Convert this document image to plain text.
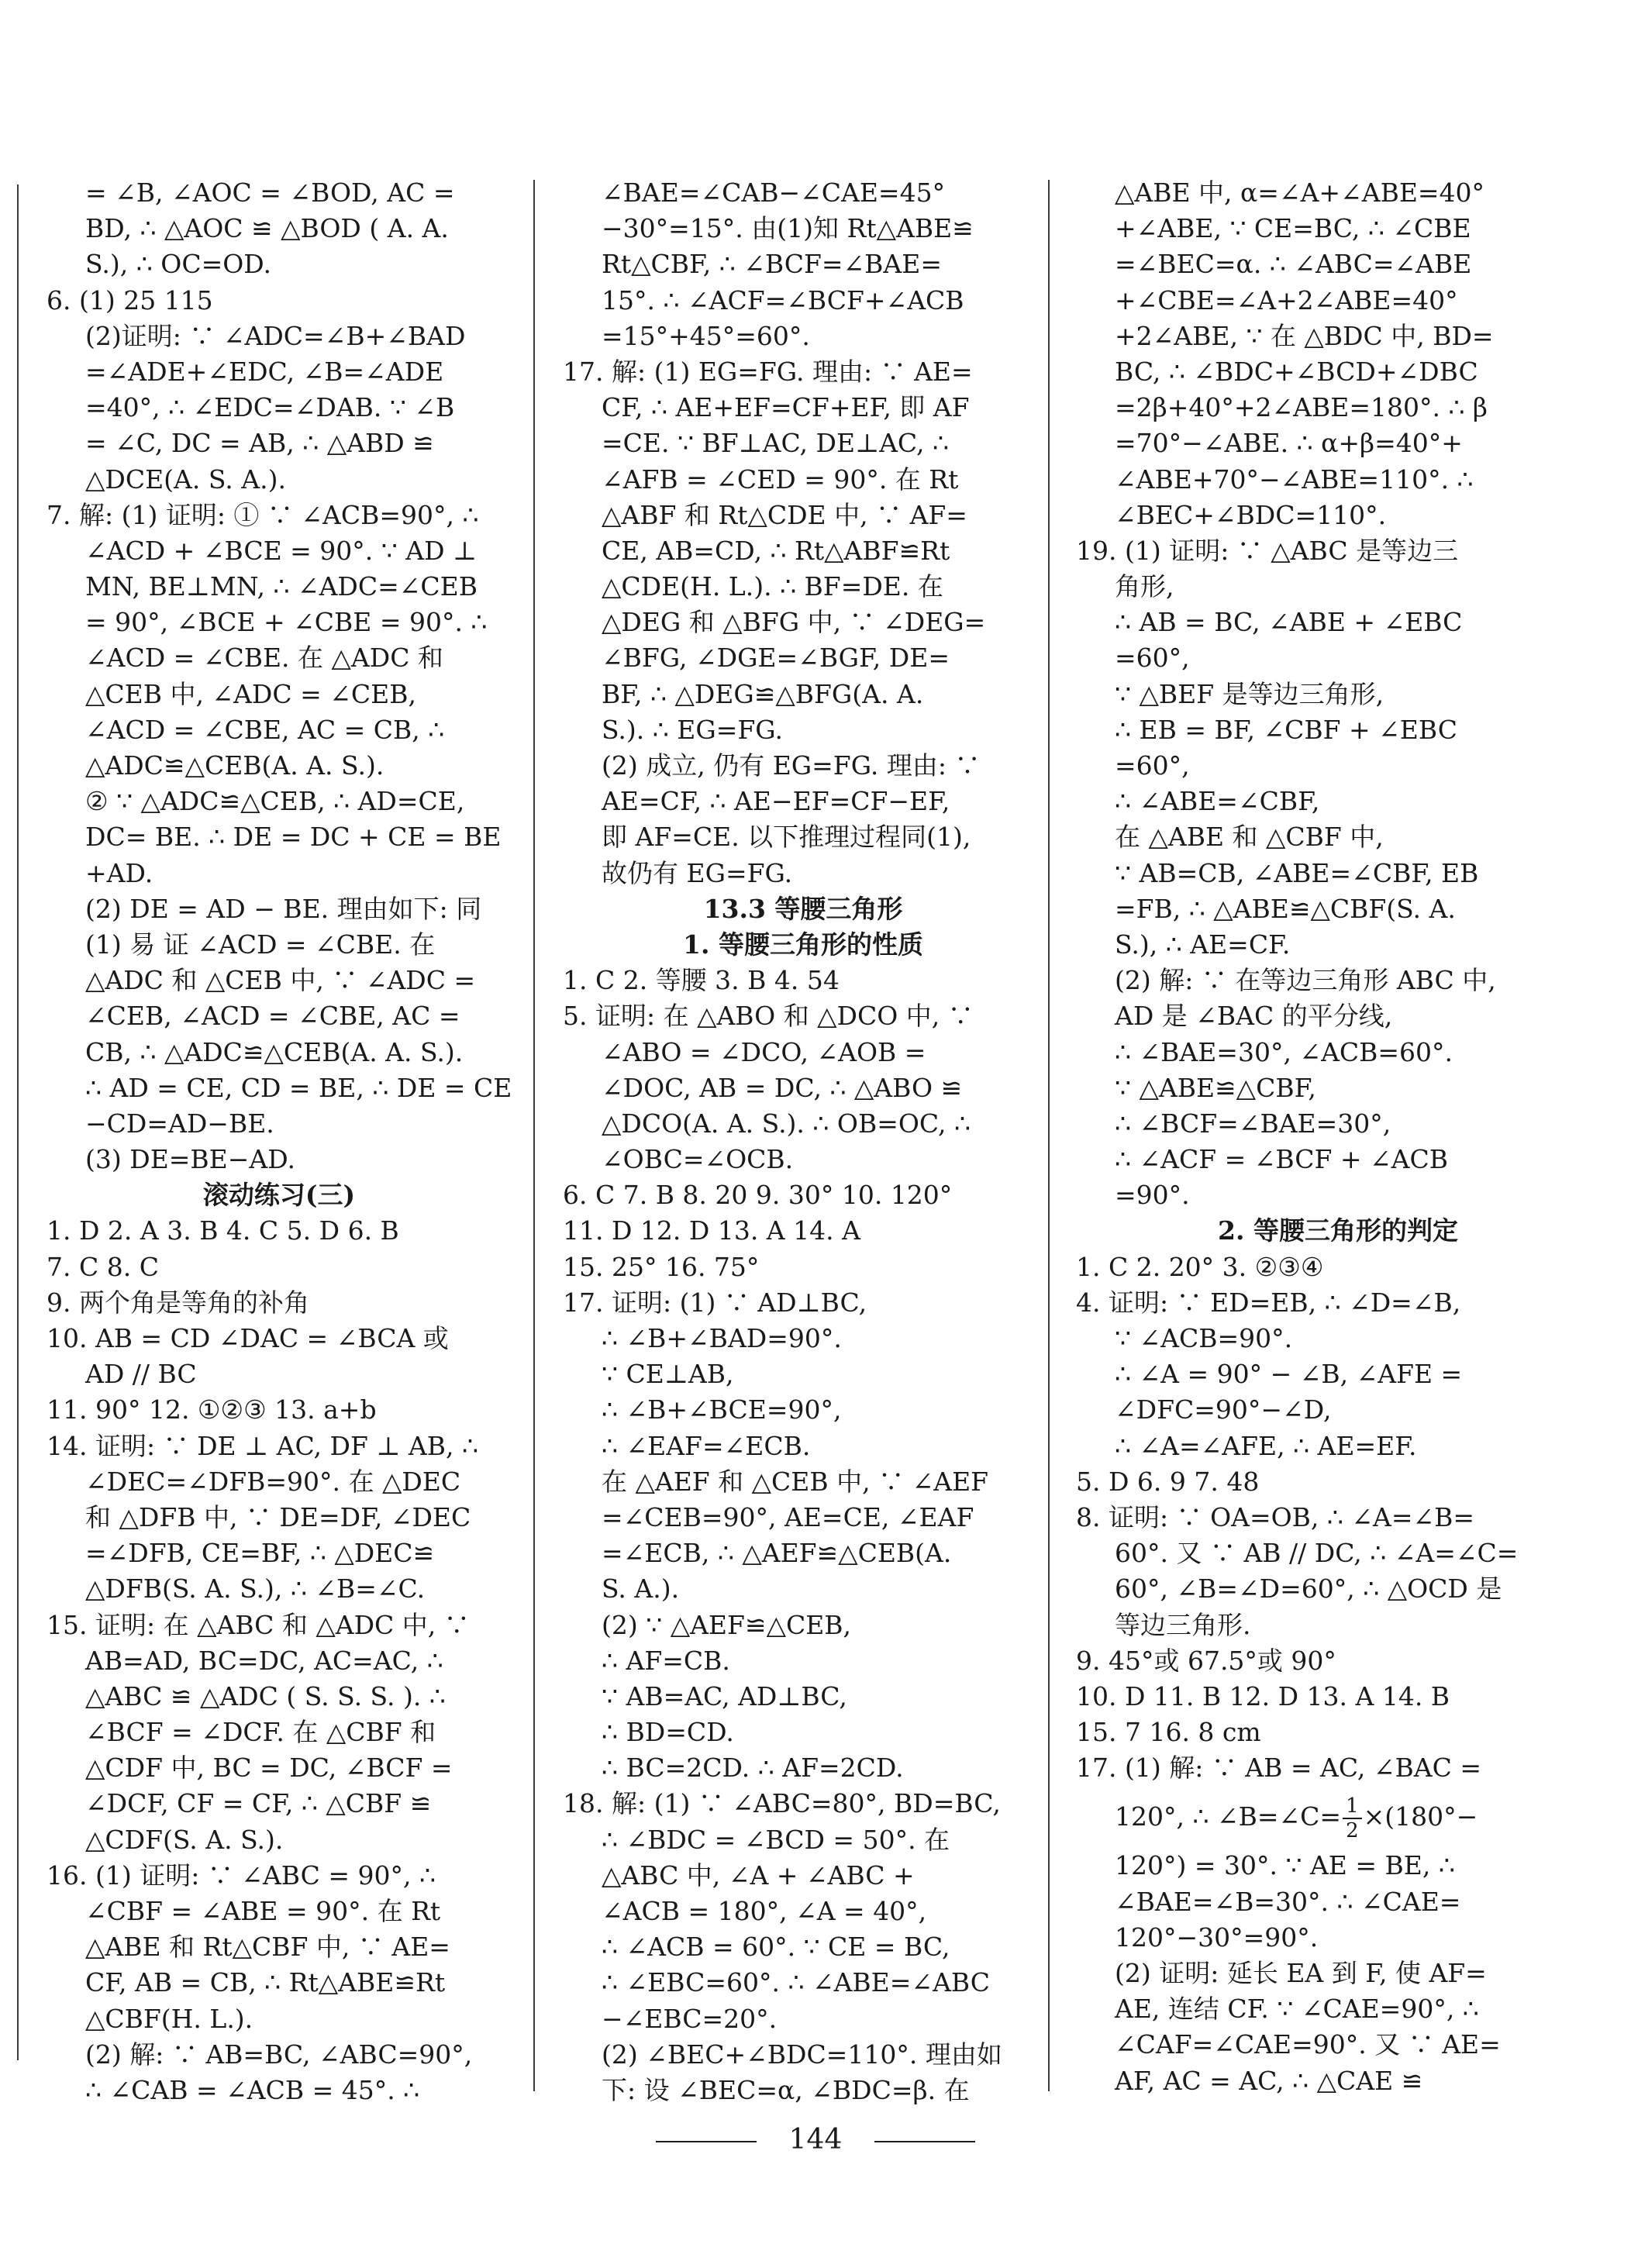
= ∠B, ∠AOC = ∠BOD, AC =
BD, ∴ △AOC ≌ △BOD ( A. A.
S.), ∴ OC=OD.
6. (1) 25 115
(2)证明: ∵ ∠ADC=∠B+∠BAD
=∠ADE+∠EDC, ∠B=∠ADE
=40°, ∴ ∠EDC=∠DAB. ∵ ∠B
= ∠C, DC = AB, ∴ △ABD ≌
△DCE(A. S. A.).
7. 解: (1) 证明: ① ∵ ∠ACB=90°, ∴
∠ACD + ∠BCE = 90°. ∵ AD ⊥
MN, BE⊥MN, ∴ ∠ADC=∠CEB
= 90°, ∠BCE + ∠CBE = 90°. ∴
∠ACD = ∠CBE. 在 △ADC 和
△CEB 中, ∠ADC = ∠CEB,
∠ACD = ∠CBE, AC = CB, ∴
△ADC≌△CEB(A. A. S.).
② ∵ △ADC≌△CEB, ∴ AD=CE,
DC= BE. ∴ DE = DC + CE = BE
+AD.
(2) DE = AD − BE. 理由如下: 同
(1) 易 证 ∠ACD = ∠CBE. 在
△ADC 和 △CEB 中, ∵ ∠ADC =
∠CEB, ∠ACD = ∠CBE, AC =
CB, ∴ △ADC≌△CEB(A. A. S.).
∴ AD = CE, CD = BE, ∴ DE = CE
−CD=AD−BE.
(3) DE=BE−AD.
滚动练习(三)
1. D 2. A 3. B 4. C 5. D 6. B
7. C 8. C
9. 两个角是等角的补角
10. AB = CD ∠DAC = ∠BCA 或
AD // BC
11. 90° 12. ①②③ 13. a+b
14. 证明: ∵ DE ⊥ AC, DF ⊥ AB, ∴
∠DEC=∠DFB=90°. 在 △DEC
和 △DFB 中, ∵ DE=DF, ∠DEC
=∠DFB, CE=BF, ∴ △DEC≌
△DFB(S. A. S.), ∴ ∠B=∠C.
15. 证明: 在 △ABC 和 △ADC 中, ∵
AB=AD, BC=DC, AC=AC, ∴
△ABC ≌ △ADC ( S. S. S. ). ∴
∠BCF = ∠DCF. 在 △CBF 和
△CDF 中, BC = DC, ∠BCF =
∠DCF, CF = CF, ∴ △CBF ≌
△CDF(S. A. S.).
16. (1) 证明: ∵ ∠ABC = 90°, ∴
∠CBF = ∠ABE = 90°. 在 Rt
△ABE 和 Rt△CBF 中, ∵ AE=
CF, AB = CB, ∴ Rt△ABE≌Rt
△CBF(H. L.).
(2) 解: ∵ AB=BC, ∠ABC=90°,
∴ ∠CAB = ∠ACB = 45°. ∴
∠BAE=∠CAB−∠CAE=45°
−30°=15°. 由(1)知 Rt△ABE≌
Rt△CBF, ∴ ∠BCF=∠BAE=
15°. ∴ ∠ACF=∠BCF+∠ACB
=15°+45°=60°.
17. 解: (1) EG=FG. 理由: ∵ AE=
CF, ∴ AE+EF=CF+EF, 即 AF
=CE. ∵ BF⊥AC, DE⊥AC, ∴
∠AFB = ∠CED = 90°. 在 Rt
△ABF 和 Rt△CDE 中, ∵ AF=
CE, AB=CD, ∴ Rt△ABF≌Rt
△CDE(H. L.). ∴ BF=DE. 在
△DEG 和 △BFG 中, ∵ ∠DEG=
∠BFG, ∠DGE=∠BGF, DE=
BF, ∴ △DEG≌△BFG(A. A.
S.). ∴ EG=FG.
(2) 成立, 仍有 EG=FG. 理由: ∵
AE=CF, ∴ AE−EF=CF−EF,
即 AF=CE. 以下推理过程同(1),
故仍有 EG=FG.
13.3 等腰三角形
1. 等腰三角形的性质
1. C 2. 等腰 3. B 4. 54
5. 证明: 在 △ABO 和 △DCO 中, ∵
∠ABO = ∠DCO, ∠AOB =
∠DOC, AB = DC, ∴ △ABO ≌
△DCO(A. A. S.). ∴ OB=OC, ∴
∠OBC=∠OCB.
6. C 7. B 8. 20 9. 30° 10. 120°
11. D 12. D 13. A 14. A
15. 25° 16. 75°
17. 证明: (1) ∵ AD⊥BC,
∴ ∠B+∠BAD=90°.
∵ CE⊥AB,
∴ ∠B+∠BCE=90°,
∴ ∠EAF=∠ECB.
在 △AEF 和 △CEB 中, ∵ ∠AEF
=∠CEB=90°, AE=CE, ∠EAF
=∠ECB, ∴ △AEF≌△CEB(A.
S. A.).
(2) ∵ △AEF≌△CEB,
∴ AF=CB.
∵ AB=AC, AD⊥BC,
∴ BD=CD.
∴ BC=2CD. ∴ AF=2CD.
18. 解: (1) ∵ ∠ABC=80°, BD=BC,
∴ ∠BDC = ∠BCD = 50°. 在
△ABC 中, ∠A + ∠ABC +
∠ACB = 180°, ∠A = 40°,
∴ ∠ACB = 60°. ∵ CE = BC,
∴ ∠EBC=60°. ∴ ∠ABE=∠ABC
−∠EBC=20°.
(2) ∠BEC+∠BDC=110°. 理由如
下: 设 ∠BEC=α, ∠BDC=β. 在
△ABE 中, α=∠A+∠ABE=40°
+∠ABE, ∵ CE=BC, ∴ ∠CBE
=∠BEC=α. ∴ ∠ABC=∠ABE
+∠CBE=∠A+2∠ABE=40°
+2∠ABE, ∵ 在 △BDC 中, BD=
BC, ∴ ∠BDC+∠BCD+∠DBC
=2β+40°+2∠ABE=180°. ∴ β
=70°−∠ABE. ∴ α+β=40°+
∠ABE+70°−∠ABE=110°. ∴
∠BEC+∠BDC=110°.
19. (1) 证明: ∵ △ABC 是等边三
角形,
∴ AB = BC, ∠ABE + ∠EBC
=60°,
∵ △BEF 是等边三角形,
∴ EB = BF, ∠CBF + ∠EBC
=60°,
∴ ∠ABE=∠CBF,
在 △ABE 和 △CBF 中,
∵ AB=CB, ∠ABE=∠CBF, EB
=FB, ∴ △ABE≌△CBF(S. A.
S.), ∴ AE=CF.
(2) 解: ∵ 在等边三角形 ABC 中,
AD 是 ∠BAC 的平分线,
∴ ∠BAE=30°, ∠ACB=60°.
∵ △ABE≌△CBF,
∴ ∠BCF=∠BAE=30°,
∴ ∠ACF = ∠BCF + ∠ACB
=90°.
2. 等腰三角形的判定
1. C 2. 20° 3. ②③④
4. 证明: ∵ ED=EB, ∴ ∠D=∠B,
∵ ∠ACB=90°.
∴ ∠A = 90° − ∠B, ∠AFE =
∠DFC=90°−∠D,
∴ ∠A=∠AFE, ∴ AE=EF.
5. D 6. 9 7. 48
8. 证明: ∵ OA=OB, ∴ ∠A=∠B=
60°. 又 ∵ AB // DC, ∴ ∠A=∠C=
60°, ∠B=∠D=60°, ∴ △OCD 是
等边三角形.
9. 45°或 67.5°或 90°
10. D 11. B 12. D 13. A 14. B
15. 7 16. 8 cm
17. (1) 解: ∵ AB = AC, ∠BAC =
120°, ∴ ∠B=∠C= $\frac{1}{2} \times(180^\circ-$
120°) = 30°. ∵ AE = BE, ∴
∠BAE=∠B=30°. ∴ ∠CAE=
120°−30°=90°.
(2) 证明: 延长 EA 到 F, 使 AF=
AE, 连结 CF. ∵ ∠CAE=90°, ∴
∠CAF=∠CAE=90°. 又 ∵ AE=
AF, AC = AC, ∴ △CAE ≌
144
